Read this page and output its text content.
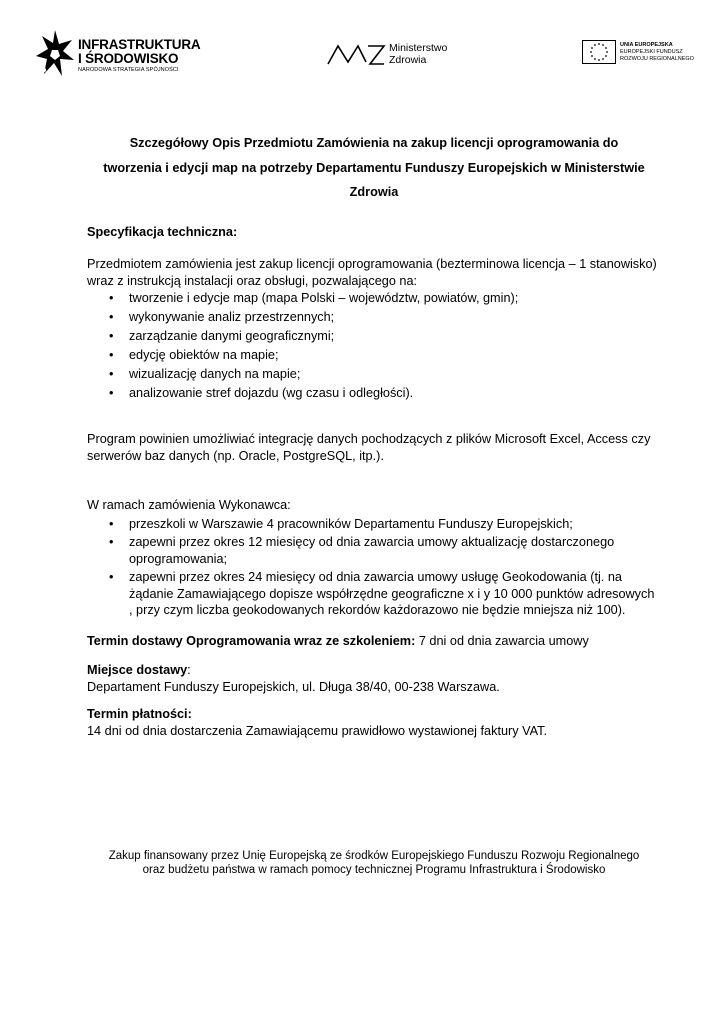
INFRASTRUKTURA
I ŚRODOWISKO
NARODOWA STRATEGIA SPÓJNOŚCI
Ministerstwo
Zdrowia
UNIA EUROPEJSKA
EUROPEJSKI FUNDUSZ
ROZWOJU REGIONALNEGO
Szczegółowy Opis Przedmiotu Zamówienia na zakup licencji oprogramowania do
tworzenia i edycji map na potrzeby Departamentu Funduszy Europejskich w Ministerstwie
Zdrowia

Specyfikacja techniczna:

Przedmiotem zamówienia jest zakup licencji oprogramowania (bezterminowa licencja – 1 stanowisko) wraz z instrukcją instalacji oraz obsługi, pozwalającego na:

• tworzenie i edycje map (mapa Polski – województw, powiatów, gmin);
• wykonywanie analiz przestrzennych;
• zarządzanie danymi geograficznymi;
• edycję obiektów na mapie;
• wizualizację danych na mapie;
• analizowanie stref dojazdu (wg czasu i odległości).

Program powinien umożliwiać integrację danych pochodzących z plików Microsoft Excel, Access czy serwerów baz danych (np. Oracle, PostgreSQL, itp.).

W ramach zamówienia Wykonawca:

• przeszkoli w Warszawie 4 pracowników Departamentu Funduszy Europejskich;
• zapewni przez okres 12 miesięcy od dnia zawarcia umowy aktualizację dostarczonego oprogramowania;
• zapewni przez okres 24 miesięcy od dnia zawarcia umowy usługę Geokodowania (tj. na żądanie Zamawiającego dopisze współrzędne geograficzne x i y 10 000 punktów adresowych , przy czym liczba geokodowanych rekordów każdorazowo nie będzie mniejsza niż 100).

Termin dostawy Oprogramowania wraz ze szkoleniem: 7 dni od dnia zawarcia umowy

Miejsce dostawy:
Departament Funduszy Europejskich, ul. Długa 38/40, 00-238 Warszawa.

Termin płatności:
14 dni od dnia dostarczenia Zamawiającemu prawidłowo wystawionej faktury VAT.

Zakup finansowany przez Unię Europejską ze środków Europejskiego Funduszu Rozwoju Regionalnego
oraz budżetu państwa w ramach pomocy technicznej Programu Infrastruktura i Środowisko
